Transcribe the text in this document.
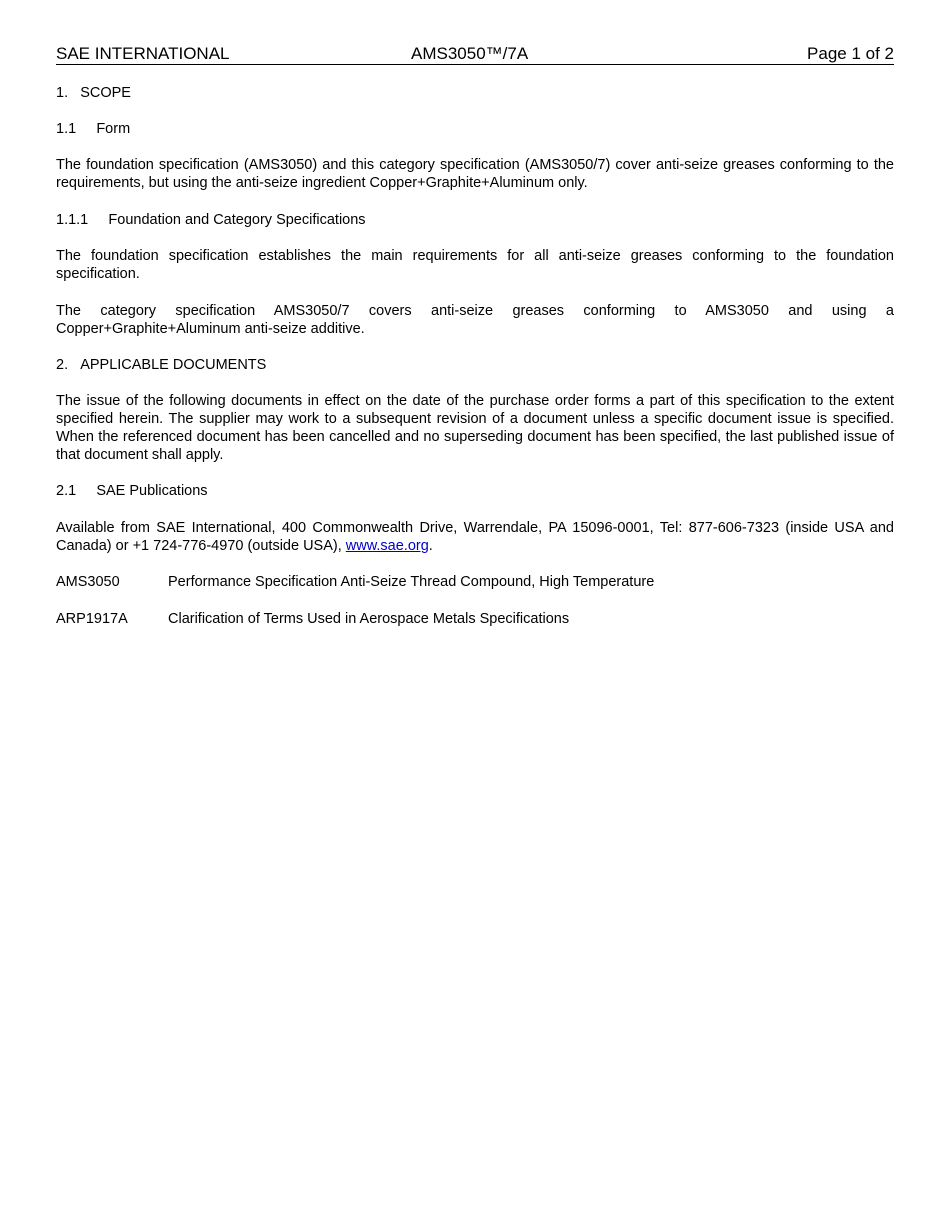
SAE INTERNATIONAL	AMS3050™/7A	Page 1 of 2
1. SCOPE
1.1 Form
The foundation specification (AMS3050) and this category specification (AMS3050/7) cover anti-seize greases conforming to the requirements, but using the anti-seize ingredient Copper+Graphite+Aluminum only.
1.1.1 Foundation and Category Specifications
The foundation specification establishes the main requirements for all anti-seize greases conforming to the foundation specification.
The category specification AMS3050/7 covers anti-seize greases conforming to AMS3050 and using a Copper+Graphite+Aluminum anti-seize additive.
2. APPLICABLE DOCUMENTS
The issue of the following documents in effect on the date of the purchase order forms a part of this specification to the extent specified herein. The supplier may work to a subsequent revision of a document unless a specific document issue is specified. When the referenced document has been cancelled and no superseding document has been specified, the last published issue of that document shall apply.
2.1 SAE Publications
Available from SAE International, 400 Commonwealth Drive, Warrendale, PA 15096-0001, Tel: 877-606-7323 (inside USA and Canada) or +1 724-776-4970 (outside USA), www.sae.org.
AMS3050	Performance Specification Anti-Seize Thread Compound, High Temperature
ARP1917A	Clarification of Terms Used in Aerospace Metals Specifications
